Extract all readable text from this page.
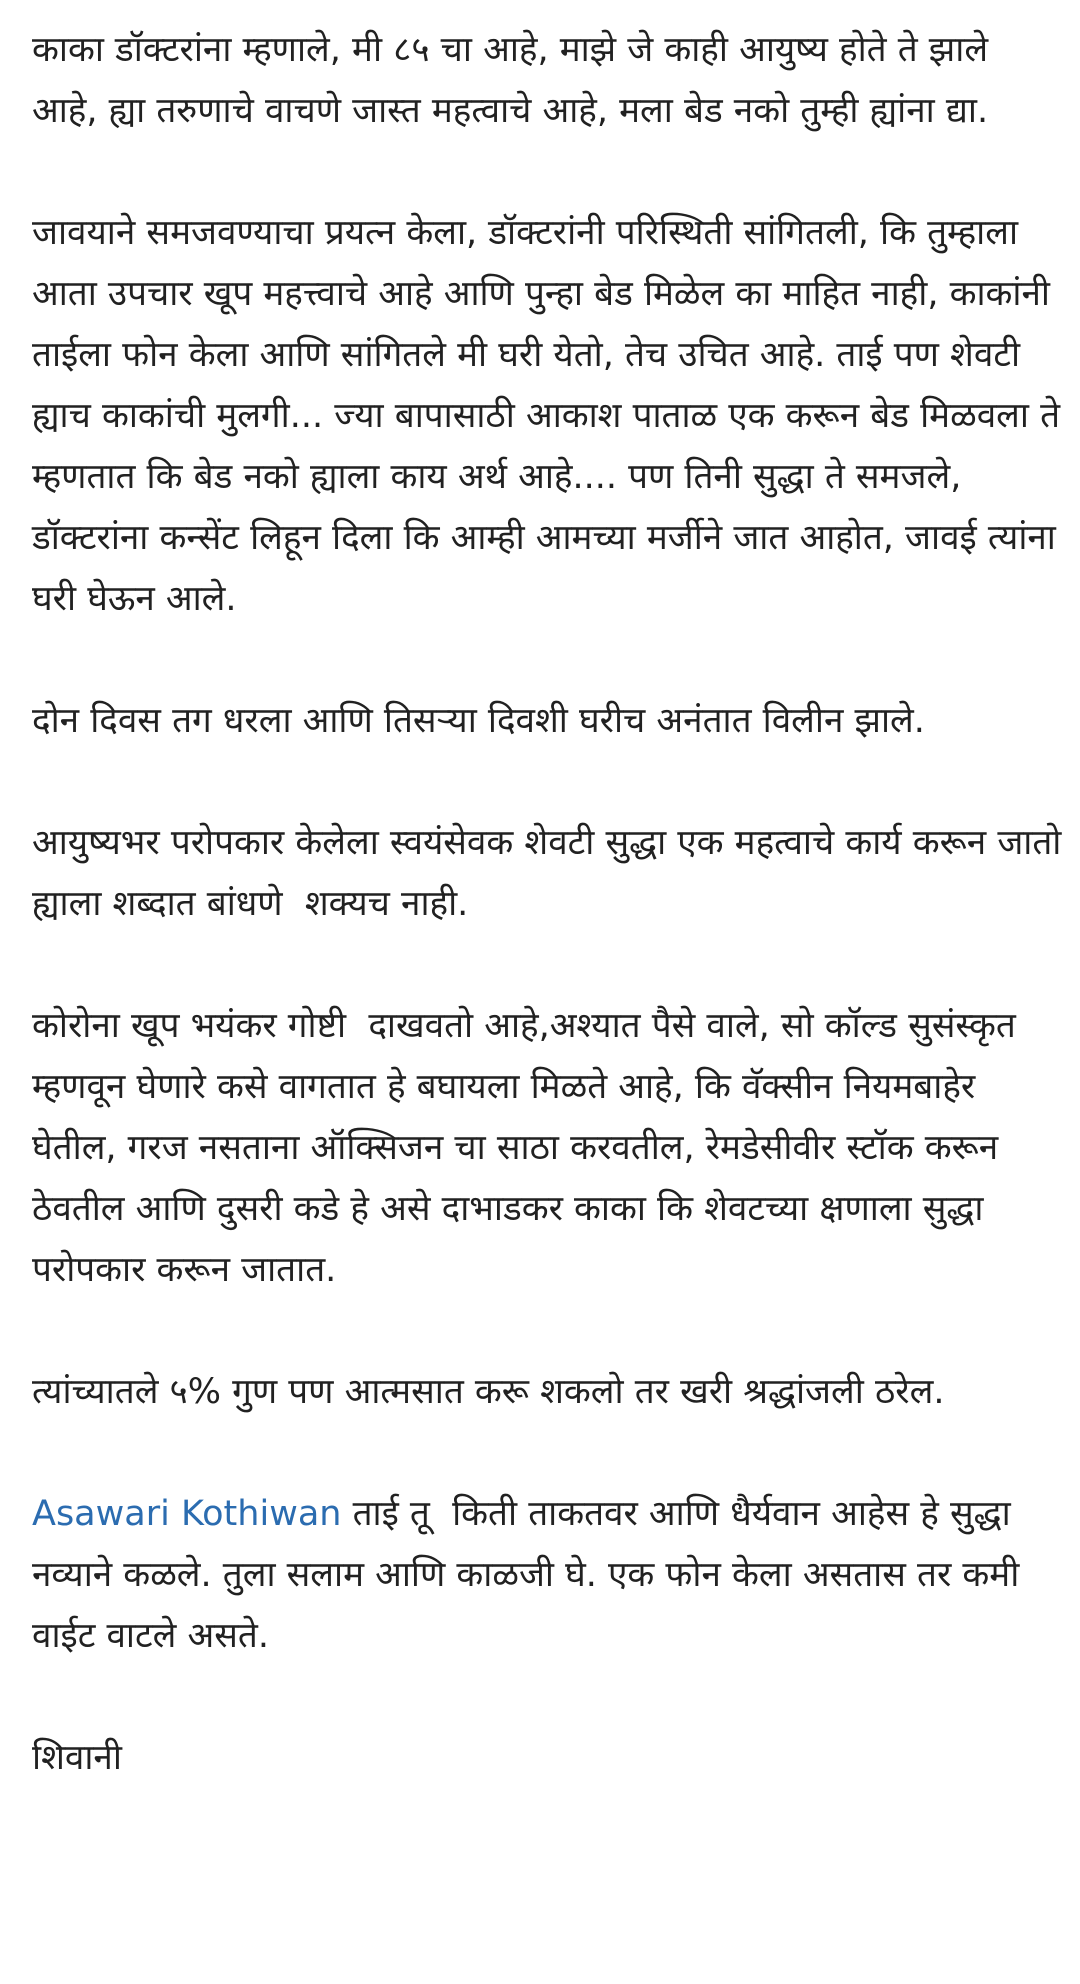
काका डॉक्टरांना म्हणाले, मी ८५ चा आहे, माझे जे काही आयुष्य होते ते झाले आहे, ह्या तरुणाचे वाचणे जास्त महत्वाचे आहे, मला बेड नको तुम्ही ह्यांना द्या.

जावयाने समजवण्याचा प्रयत्न केला, डॉक्टरांनी परिस्थिती सांगितली, कि तुम्हाला आता उपचार खूप महत्त्वाचे आहे आणि पुन्हा बेड मिळेल का माहित नाही, काकांनी ताईला फोन केला आणि सांगितले मी घरी येतो, तेच उचित आहे. ताई पण शेवटी ह्याच काकांची मुलगी... ज्या बापासाठी आकाश पाताळ एक करून बेड मिळवला ते म्हणतात कि बेड नको ह्याला काय अर्थ आहे.... पण तिनी सुद्धा ते समजले, डॉक्टरांना कन्सेंट लिहून दिला कि आम्ही आमच्या मर्जीने जात आहोत, जावई त्यांना घरी घेऊन आले.

दोन दिवस तग धरला आणि तिसऱ्या दिवशी घरीच अनंतात विलीन झाले.

आयुष्यभर परोपकार केलेला स्वयंसेवक शेवटी सुद्धा एक महत्वाचे कार्य करून जातो ह्याला शब्दात बांधणे  शक्यच नाही.

कोरोना खूप भयंकर गोष्टी  दाखवतो आहे,अश्यात पैसे वाले, सो कॉल्ड सुसंस्कृत म्हणवून घेणारे कसे वागतात हे बघायला मिळते आहे, कि वॅक्सीन नियमबाहेर घेतील, गरज नसताना ऑक्सिजन चा साठा करवतील, रेमडेसीवीर स्टॉक करून ठेवतील आणि दुसरी कडे हे असे दाभाडकर काका कि शेवटच्या क्षणाला सुद्धा परोपकार करून जातात.

त्यांच्यातले ५% गुण पण आत्मसात करू शकलो तर खरी श्रद्धांजली ठरेल.

Asawari Kothiwan ताई तू  किती ताकतवर आणि धैर्यवान आहेस हे सुद्धा नव्याने कळले. तुला सलाम आणि काळजी घे. एक फोन केला असतास तर कमी वाईट वाटले असते.

शिवानी
